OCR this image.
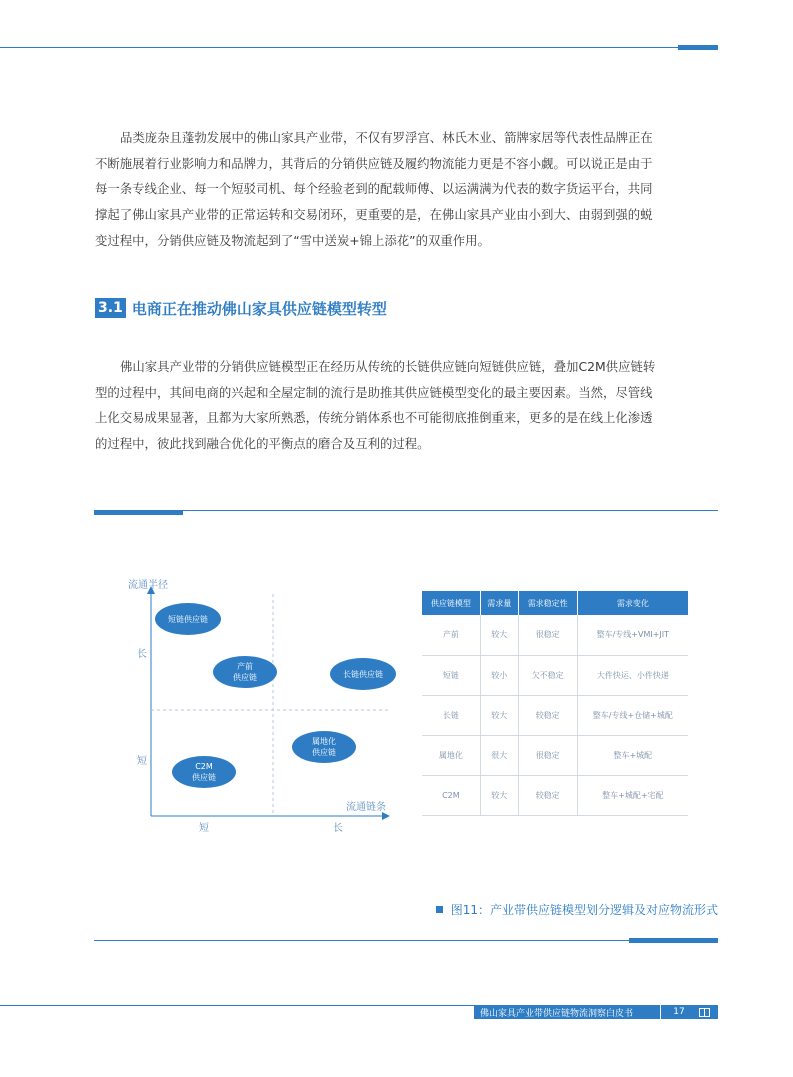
品类庞杂且蓬勃发展中的佛山家具产业带，不仅有罗浮宫、林氏木业、箭牌家居等代表性品牌正在
不断施展着行业影响力和品牌力，其背后的分销供应链及履约物流能力更是不容小觑。可以说正是由于
每一条专线企业、每一个短驳司机、每个经验老到的配载师傅、以运满满为代表的数字货运平台，共同
撑起了佛山家具产业带的正常运转和交易闭环，更重要的是，在佛山家具产业由小到大、由弱到强的蜕
变过程中，分销供应链及物流起到了“雪中送炭+锦上添花”的双重作用。
3.1 电商正在推动佛山家具供应链模型转型
佛山家具产业带的分销供应链模型正在经历从传统的长链供应链向短链供应链，叠加C2M供应链转
型的过程中，其间电商的兴起和全屋定制的流行是助推其供应链模型变化的最主要因素。当然，尽管线
上化交易成果显著，且都为大家所熟悉，传统分销体系也不可能彻底推倒重来，更多的是在线上化渗透
的过程中，彼此找到融合优化的平衡点的磨合及互利的过程。
流通半径
长
短
流通链条
短	长
短链供应链
产前
供应链	长链供应链
属地化
供应链
C2M
供应链
供应链模型	需求量	需求稳定性	需求变化
产前	较大	很稳定	整车/专线+VMI+JIT
短链	较小	欠不稳定	大件快运、小件快递
长链	较大	较稳定	整车/专线+仓储+城配
属地化	很大	很稳定	整车+城配
C2M	较大	较稳定	整车+城配+宅配
图11：产业带供应链模型划分逻辑及对应物流形式
佛山家具产业带供应链物流洞察白皮书	17
